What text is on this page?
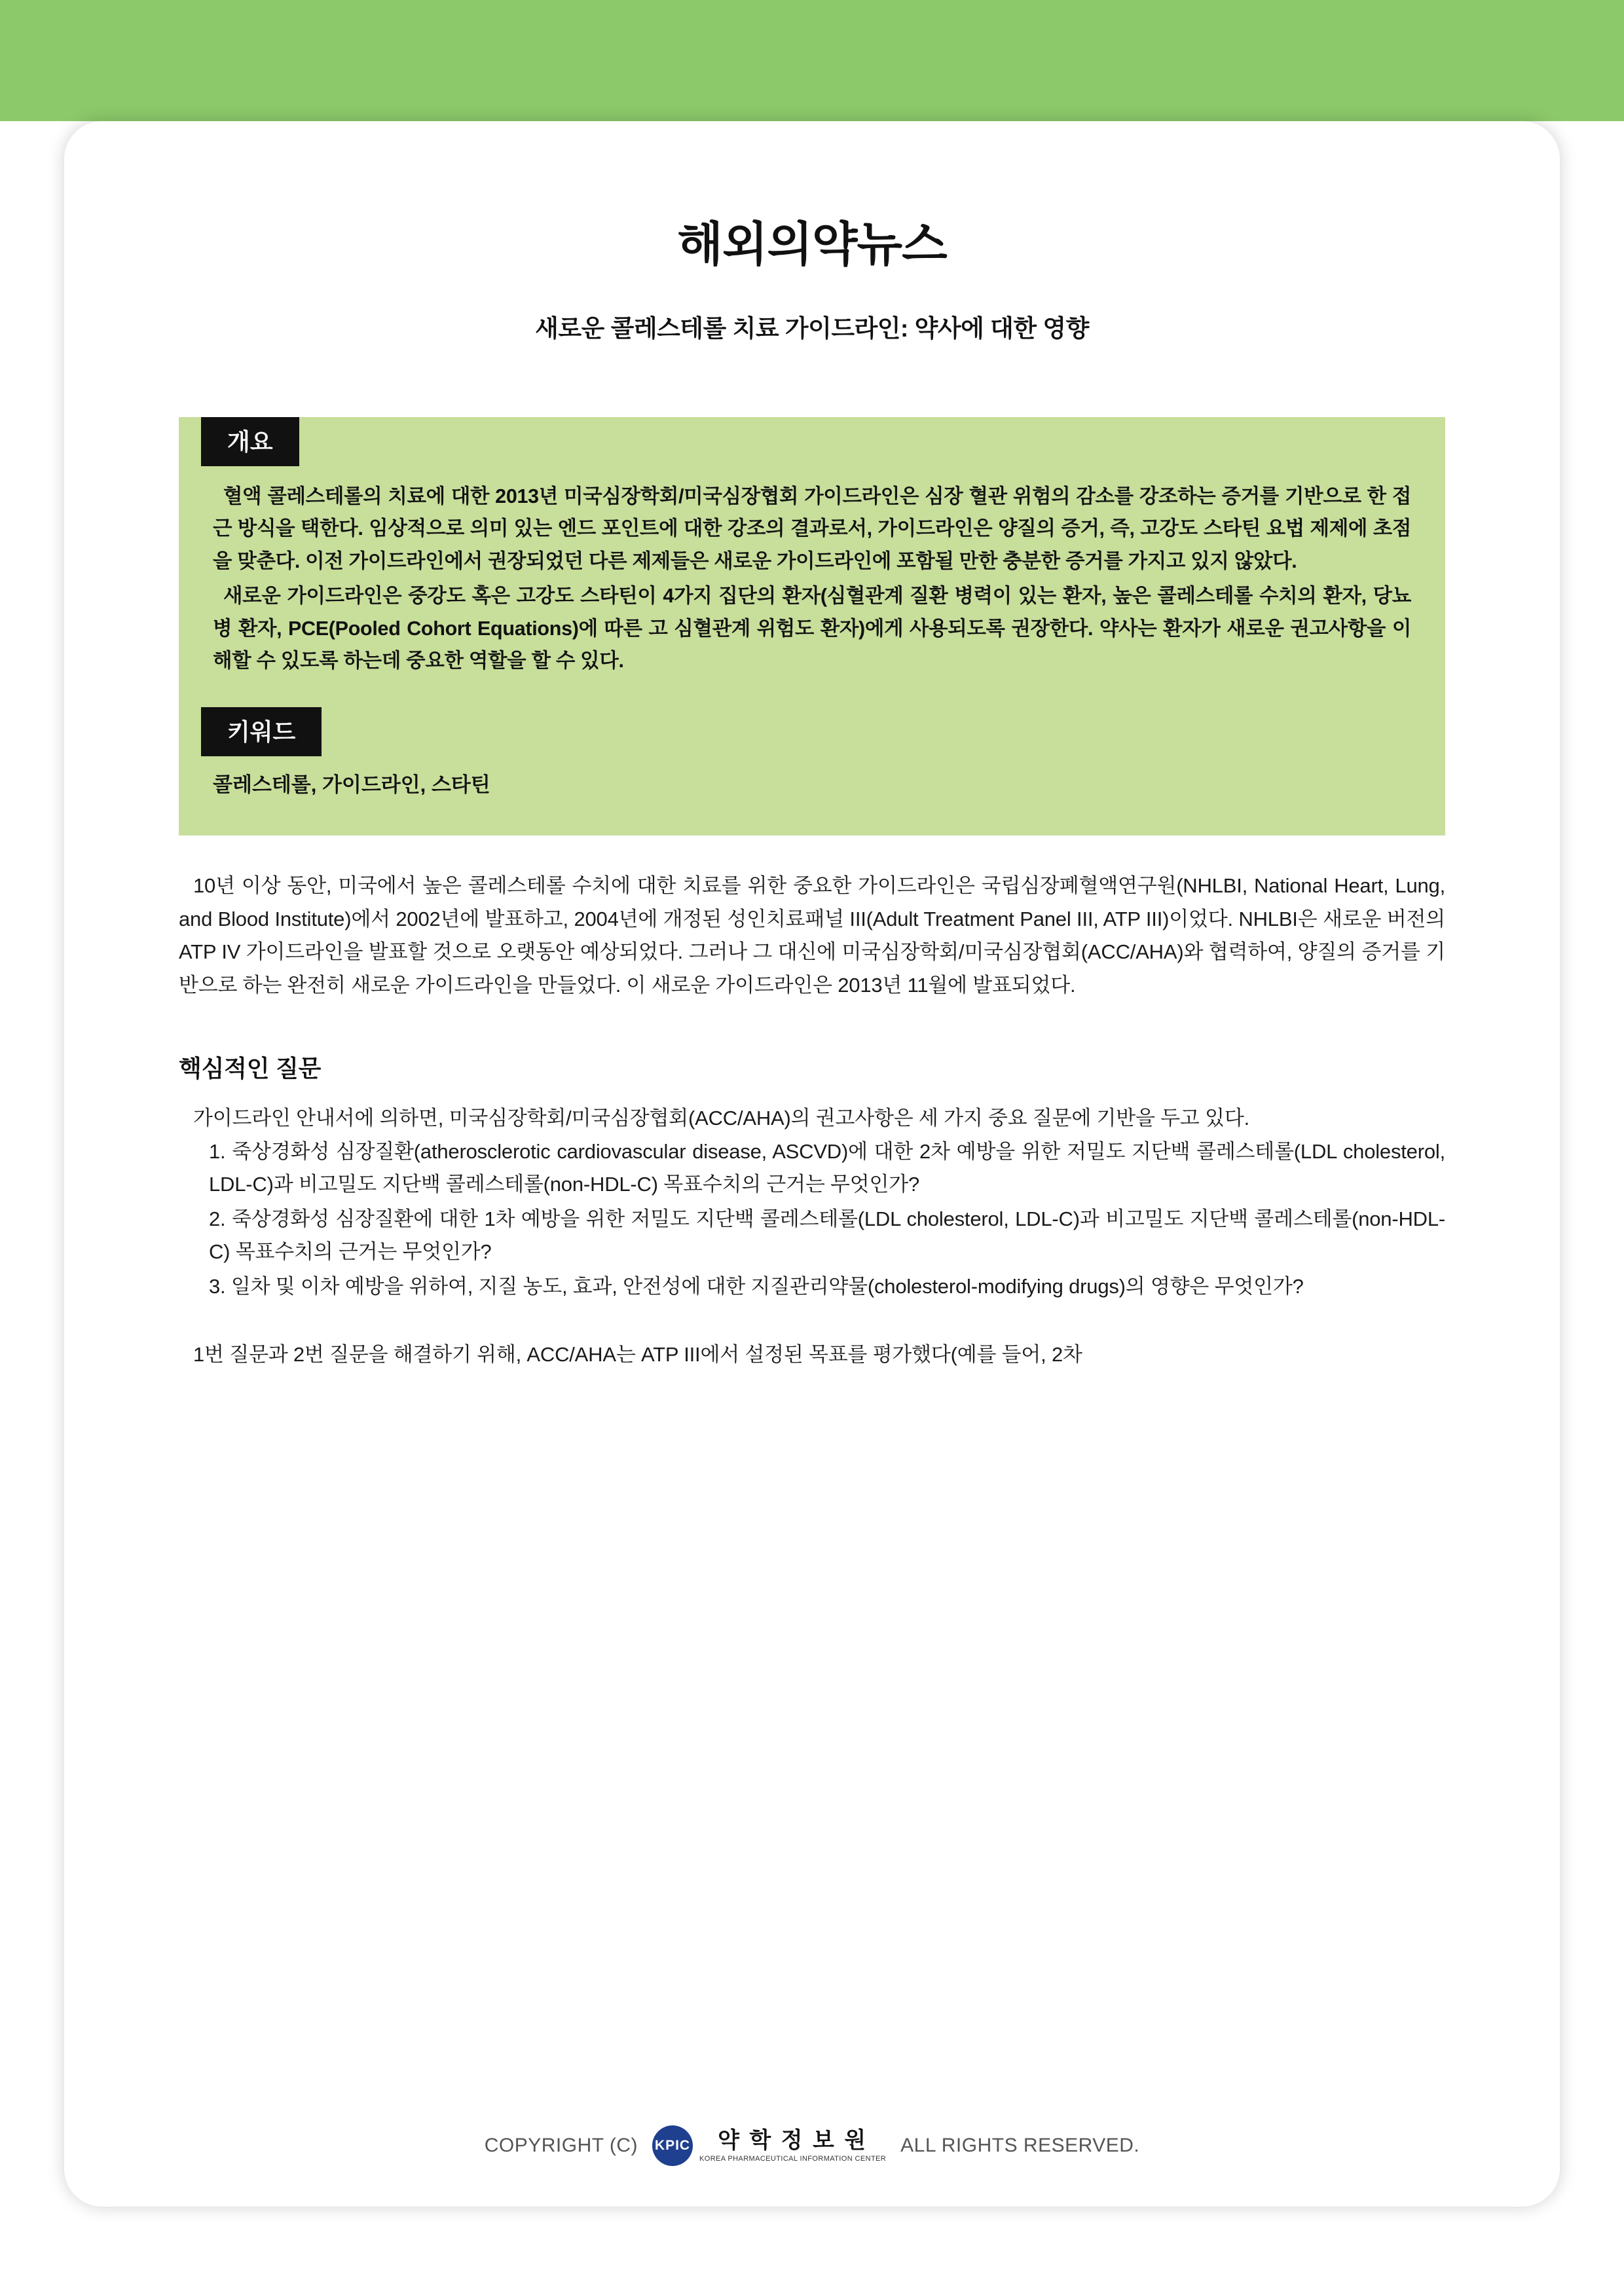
해외의약뉴스
새로운 콜레스테롤 치료 가이드라인: 약사에 대한 영향
개요

혈액 콜레스테롤의 치료에 대한 2013년 미국심장학회/미국심장협회 가이드라인은 심장 혈관 위험의 감소를 강조하는 증거를 기반으로 한 접근 방식을 택한다. 임상적으로 의미 있는 엔드 포인트에 대한 강조의 결과로서, 가이드라인은 양질의 증거, 즉, 고강도 스타틴 요법 제제에 초점을 맞춘다. 이전 가이드라인에서 권장되었던 다른 제제들은 새로운 가이드라인에 포함될 만한 충분한 증거를 가지고 있지 않았다.

새로운 가이드라인은 중강도 혹은 고강도 스타틴이 4가지 집단의 환자(심혈관계 질환 병력이 있는 환자, 높은 콜레스테롤 수치의 환자, 당뇨병 환자, PCE(Pooled Cohort Equations)에 따른 고 심혈관계 위험도 환자)에게 사용되도록 권장한다. 약사는 환자가 새로운 권고사항을 이해할 수 있도록 하는데 중요한 역할을 할 수 있다.

키워드
콜레스테롤, 가이드라인, 스타틴

10년 이상 동안, 미국에서 높은 콜레스테롤 수치에 대한 치료를 위한 중요한 가이드라인은 국립심장폐혈액연구원(NHLBI, National Heart, Lung, and Blood Institute)에서 2002년에 발표하고, 2004년에 개정된 성인치료패널 III(Adult Treatment Panel III, ATP III)이었다. NHLBI은 새로운 버전의 ATP IV 가이드라인을 발표할 것으로 오랫동안 예상되었다. 그러나 그 대신에 미국심장학회/미국심장협회(ACC/AHA)와 협력하여, 양질의 증거를 기반으로 하는 완전히 새로운 가이드라인을 만들었다. 이 새로운 가이드라인은 2013년 11월에 발표되었다.

핵심적인 질문

가이드라인 안내서에 의하면, 미국심장학회/미국심장협회(ACC/AHA)의 권고사항은 세 가지 중요 질문에 기반을 두고 있다.

1. 죽상경화성 심장질환(atherosclerotic cardiovascular disease, ASCVD)에 대한 2차 예방을 위한 저밀도 지단백 콜레스테롤(LDL cholesterol, LDL-C)과 비고밀도 지단백 콜레스테롤(non-HDL-C) 목표수치의 근거는 무엇인가?
2. 죽상경화성 심장질환에 대한 1차 예방을 위한 저밀도 지단백 콜레스테롤(LDL cholesterol, LDL-C)과 비고밀도 지단백 콜레스테롤(non-HDL-C) 목표수치의 근거는 무엇인가?
3. 일차 및 이차 예방을 위하여, 지질 농도, 효과, 안전성에 대한 지질관리약물(cholesterol-modifying drugs)의 영향은 무엇인가?

1번 질문과 2번 질문을 해결하기 위해, ACC/AHA는 ATP III에서 설정된 목표를 평가했다(예를 들어, 2차

COPYRIGHT (C) KPIC 약 학 정 보 원
KOREA PHARMACEUTICAL INFORMATION CENTER
ALL RIGHTS RESERVED.
